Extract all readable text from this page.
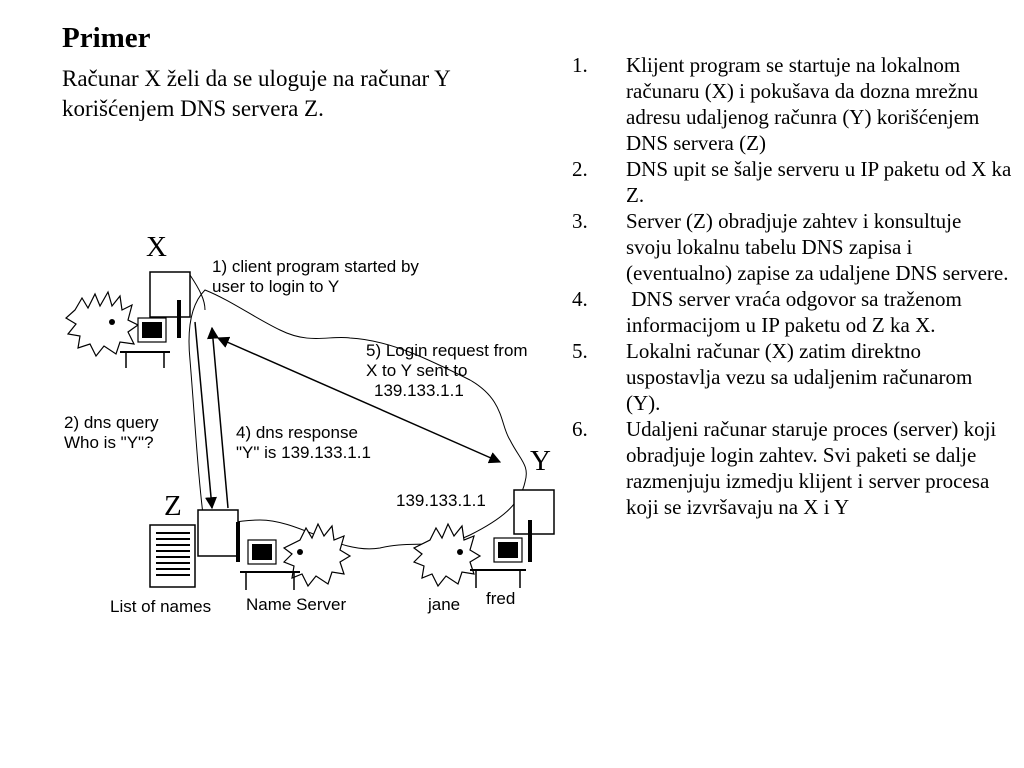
Primer
Računar X želi da se uloguje na računar Y korišćenjem DNS servera Z.
1. Klijent program se startuje na lokalnom računaru (X) i pokušava da dozna mrežnu adresu udaljenog računra (Y) korišćenjem DNS servera (Z)
2. DNS upit se šalje serveru u IP paketu od X ka Z.
3. Server (Z) obradjuje zahtev i konsultuje svoju lokalnu tabelu DNS zapisa i (eventualno) zapise za udaljene DNS servere.
4. DNS server vraća odgovor sa traženom informacijom u IP paketu od Z ka X.
5. Lokalni računar (X) zatim direktno uspostavlja vezu sa udaljenim računarom (Y).
6. Udaljeni računar staruje proces (server) koji obradjuje login zahtev. Svi paketi se dalje razmenjuju izmedju klijent i server procesa koji se izvršavaju na X i Y
X
Y
Z
1) client program started by
user to login to Y
2) dns query
Who is "Y"?
4) dns response
"Y" is 139.133.1.1
5) Login request from
X to Y sent to
139.133.1.1
139.133.1.1
List of names Name Server	jane fred
